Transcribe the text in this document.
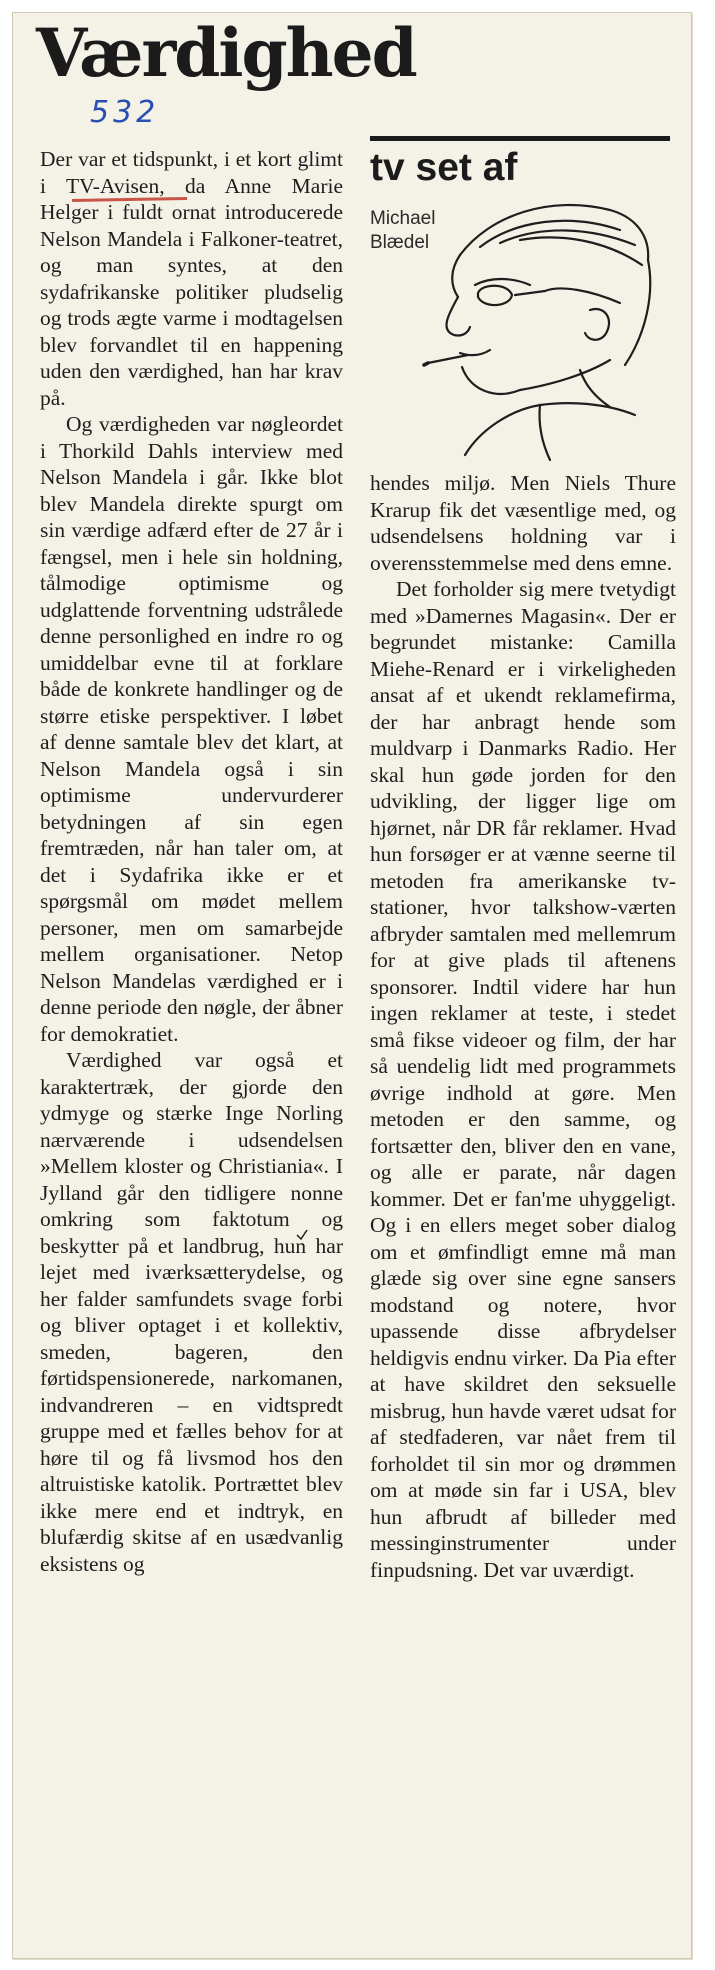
Værdighed
532

Der var et tidspunkt, i et kort glimt i TV-Avisen, da Anne Marie Helger i fuldt ornat introducerede Nelson Mandela i Falkoner-teatret, og man syntes, at den sydafrikanske politiker pludselig og trods ægte varme i modtagelsen blev forvandlet til en happening uden den værdighed, han har krav på.

Og værdigheden var nøgleordet i Thorkild Dahls interview med Nelson Mandela i går. Ikke blot blev Mandela direkte spurgt om sin værdige adfærd efter de 27 år i fængsel, men i hele sin holdning, tålmodige optimisme og udglattende forventning udstrålede denne personlighed en indre ro og umiddelbar evne til at forklare både de konkrete handlinger og de større etiske perspektiver. I løbet af denne samtale blev det klart, at Nelson Mandela også i sin optimisme undervurderer betydningen af sin egen fremtræden, når han taler om, at det i Sydafrika ikke er et spørgsmål om mødet mellem personer, men om samarbejde mellem organisationer. Netop Nelson Mandelas værdighed er i denne periode den nøgle, der åbner for demokratiet.

Værdighed var også et karaktertræk, der gjorde den ydmyge og stærke Inge Norling nærværende i udsendelsen »Mellem kloster og Christiania«. I Jylland går den tidligere nonne omkring som faktotum og beskytter på et landbrug, hun har lejet med iværksætterydelse, og her falder samfundets svage forbi og bliver optaget i et kollektiv, smeden, bageren, den førtidspensionerede, narkomanen, indvandreren – en vidtspredt gruppe med et fælles behov for at høre til og få livsmod hos den altruistiske katolik. Portrættet blev ikke mere end et indtryk, en blufærdig skitse af en usædvanlig eksistens og

tv set af
Michael
Blædel

hendes miljø. Men Niels Thure Krarup fik det væsentlige med, og udsendelsens holdning var i overensstemmelse med dens emne.

Det forholder sig mere tvetydigt med »Damernes Magasin«. Der er begrundet mistanke: Camilla Miehe-Renard er i virkeligheden ansat af et ukendt reklamefirma, der har anbragt hende som muldvarp i Danmarks Radio. Her skal hun gøde jorden for den udvikling, der ligger lige om hjørnet, når DR får reklamer. Hvad hun forsøger er at vænne seerne til metoden fra amerikanske tv-stationer, hvor talkshow-værten afbryder samtalen med mellemrum for at give plads til aftenens sponsorer. Indtil videre har hun ingen reklamer at teste, i stedet små fikse videoer og film, der har så uendelig lidt med programmets øvrige indhold at gøre. Men metoden er den samme, og fortsætter den, bliver den en vane, og alle er parate, når dagen kommer. Det er fan'me uhyggeligt. Og i en ellers meget sober dialog om et ømfindligt emne må man glæde sig over sine egne sansers modstand og notere, hvor upassende disse afbrydelser heldigvis endnu virker. Da Pia efter at have skildret den seksuelle misbrug, hun havde været udsat for af stedfaderen, var nået frem til forholdet til sin mor og drømmen om at møde sin far i USA, blev hun afbrudt af billeder med messinginstrumenter under finpudsning. Det var uværdigt.
